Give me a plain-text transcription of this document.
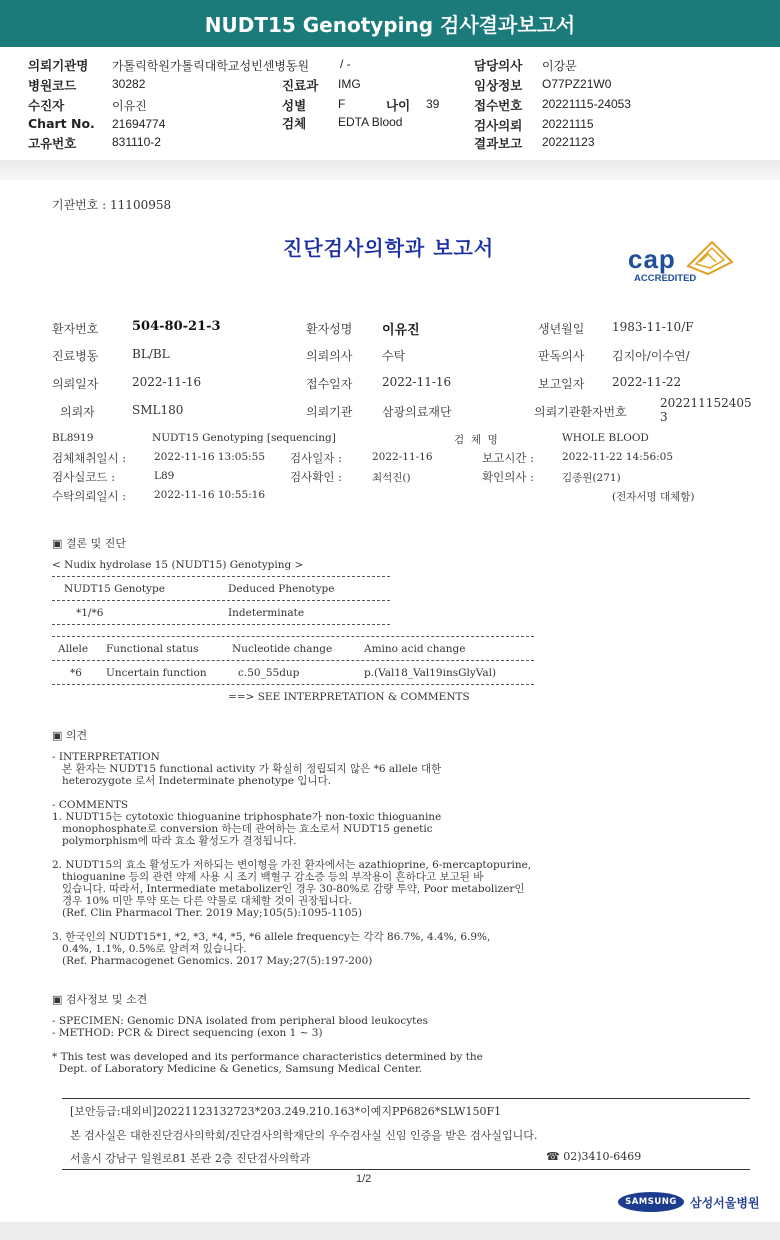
NUDT15 Genotyping 검사결과보고서
의뢰기관명 가톨릭학원가톨릭대학교성빈센병동원	/ -	담당의사 이강문
병원코드	30282	진료과 IMG	임상정보 O77PZ21W0
수진자	이유진	성별	F	나이 39	접수번호 20221115-24053
Chart No. 21694774	검체	EDTA Blood	검사의뢰 20221115
고유번호	831110-2	결과보고 20221123
기관번호 : 11100958
진단검사의학과 보고서	cap
ACCREDITED
환자번호	504-80-21-3	환자성명 이유진	생년월일 1983-11-10/F
진료병동	BL/BL	의뢰의사 수탁	판독의사 김지아/이수연/
의뢰일자	2022-11-16	접수일자 2022-11-16	보고일자 2022-11-22
의뢰자	SML180	의뢰기관 삼광의료재단	의뢰기관환자번호
202211152405
3
BL8919	NUDT15 Genotyping [sequencing]	검  체  명	WHOLE BLOOD
검체채취일시 :	2022-11-16 13:05:55 검사일자 :	2022-11-16	보고시간 :	2022-11-22 14:56:05
검사실코드 :	L89	검사확인 :	최석진()	확인의사 :	김종원(271)
수탁의뢰일시 :	2022-11-16 10:55:16	(전자서명 대체함)
▣ 결론 및 진단
< Nudix hydrolase 15 (NUDT15) Genotyping >
NUDT15 Genotype	Deduced Phenotype
*1/*6	Indeterminate
Allele Functional status	Nucleotide change	Amino acid change
*6 Uncertain function	c.50_55dup	p.(Val18_Val19insGlyVal)
==> SEE INTERPRETATION & COMMENTS
▣ 의견
- INTERPRETATION
본 환자는 NUDT15 functional activity 가 확실히 정립되지 않은 *6 allele 대한
heterozygote 로서 Indeterminate phenotype 입니다.
- COMMENTS
1. NUDT15는 cytotoxic thioguanine triphosphate가 non-toxic thioguanine
monophosphate로 conversion 하는데 관여하는 효소로서 NUDT15 genetic
polymorphism에 따라 효소 활성도가 결정됩니다.
2. NUDT15의 효소 활성도가 저하되는 변이형을 가진 환자에서는 azathioprine, 6-mercaptopurine,
thioguanine 등의 관련 약제 사용 시 조기 백혈구 감소증 등의 부작용이 흔하다고 보고된 바
있습니다. 따라서, Intermediate metabolizer인 경우 30-80%로 감량 투약, Poor metabolizer인
경우 10% 미만 투약 또는 다른 약물로 대체할 것이 권장됩니다.
(Ref. Clin Pharmacol Ther. 2019 May;105(5):1095-1105)
3. 한국인의 NUDT15*1, *2, *3, *4, *5, *6 allele frequency는 각각 86.7%, 4.4%, 6.9%,
0.4%, 1.1%, 0.5%로 알려져 있습니다.
(Ref. Pharmacogenet Genomics. 2017 May;27(5):197-200)
▣ 검사정보 및 소견
- SPECIMEN: Genomic DNA isolated from peripheral blood leukocytes
- METHOD: PCR & Direct sequencing (exon 1 ~ 3)
* This test was developed and its performance characteristics determined by the
Dept. of Laboratory Medicine & Genetics, Samsung Medical Center.
[보안등급:대외비]20221123132723*203.249.210.163*이예지PP6826*SLW150F1
본 검사실은 대한진단검사의학회/진단검사의학재단의 우수검사실 신임 인증을 받은 검사실입니다.
서울시 강남구 일원로81 본관 2층 진단검사의학과	☎ 02)3410-6469
1/2
SAMSUNG	삼성서울병원
